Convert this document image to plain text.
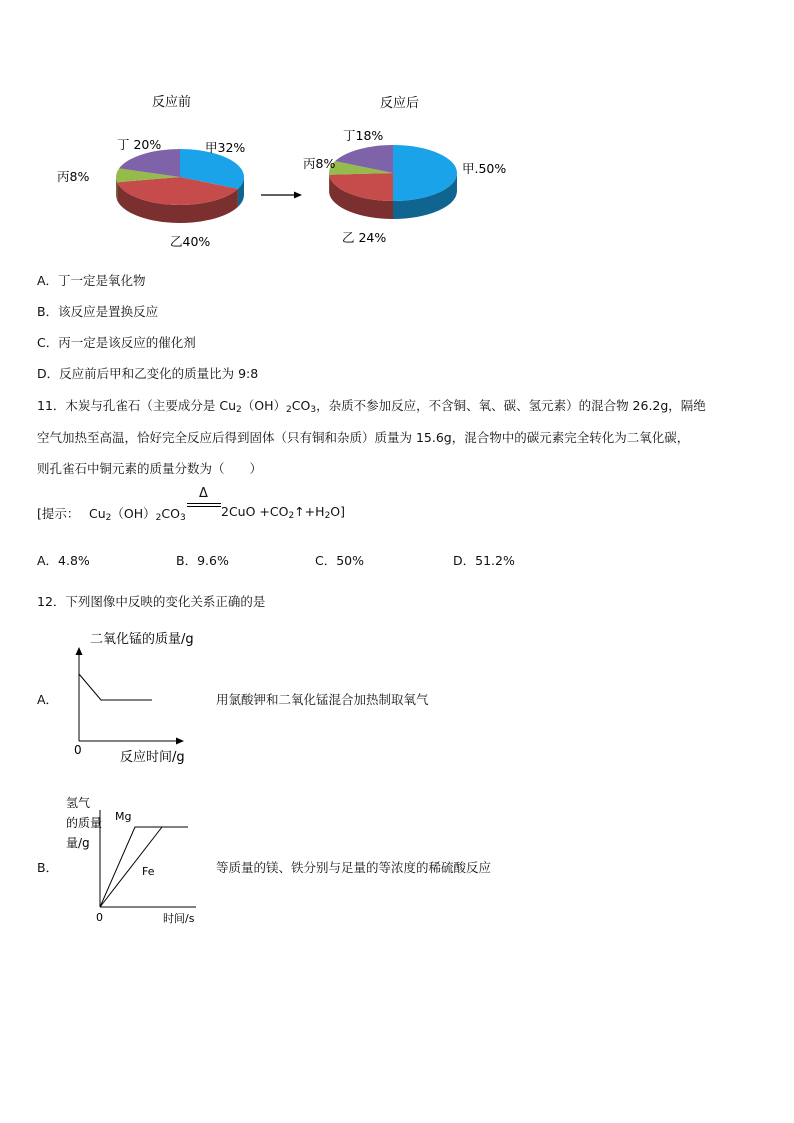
反应前	反应后
甲32%
乙40%
丙8%
丁 20%
甲.50%
乙 24%
丙8%
丁18%
A．丁一定是氧化物
B．该反应是置换反应
C．丙一定是该反应的催化剂
D．反应前后甲和乙变化的质量比为 9:8
11．木炭与孔雀石（主要成分是 $Cu_2(OH)_2CO_3$，杂质不参加反应，不含铜、氧、碳、氢元素）的混合物 26.2g，隔绝
空气加热至高温，恰好完全反应后得到固体（只有铜和杂质）质量为 15.6g，混合物中的碳元素完全转化为二氧化碳，
则孔雀石中铜元素的质量分数为（　　）
[提示： $Cu_2(OH)_2CO_3$
Δ
$2CuO +CO_2↑+H_2O$]
A．4.8%	B．9.6%	C．50%	D．51.2%
12．下列图像中反映的变化关系正确的是
A．
二氧化锰的质量/g
0	反应时间/g
用氯酸钾和二氧化锰混合加热制取氧气
B．
氢气
的质量
量/g
Mg
Fe
0	时间/s
等质量的镁、铁分别与足量的等浓度的稀硫酸反应
